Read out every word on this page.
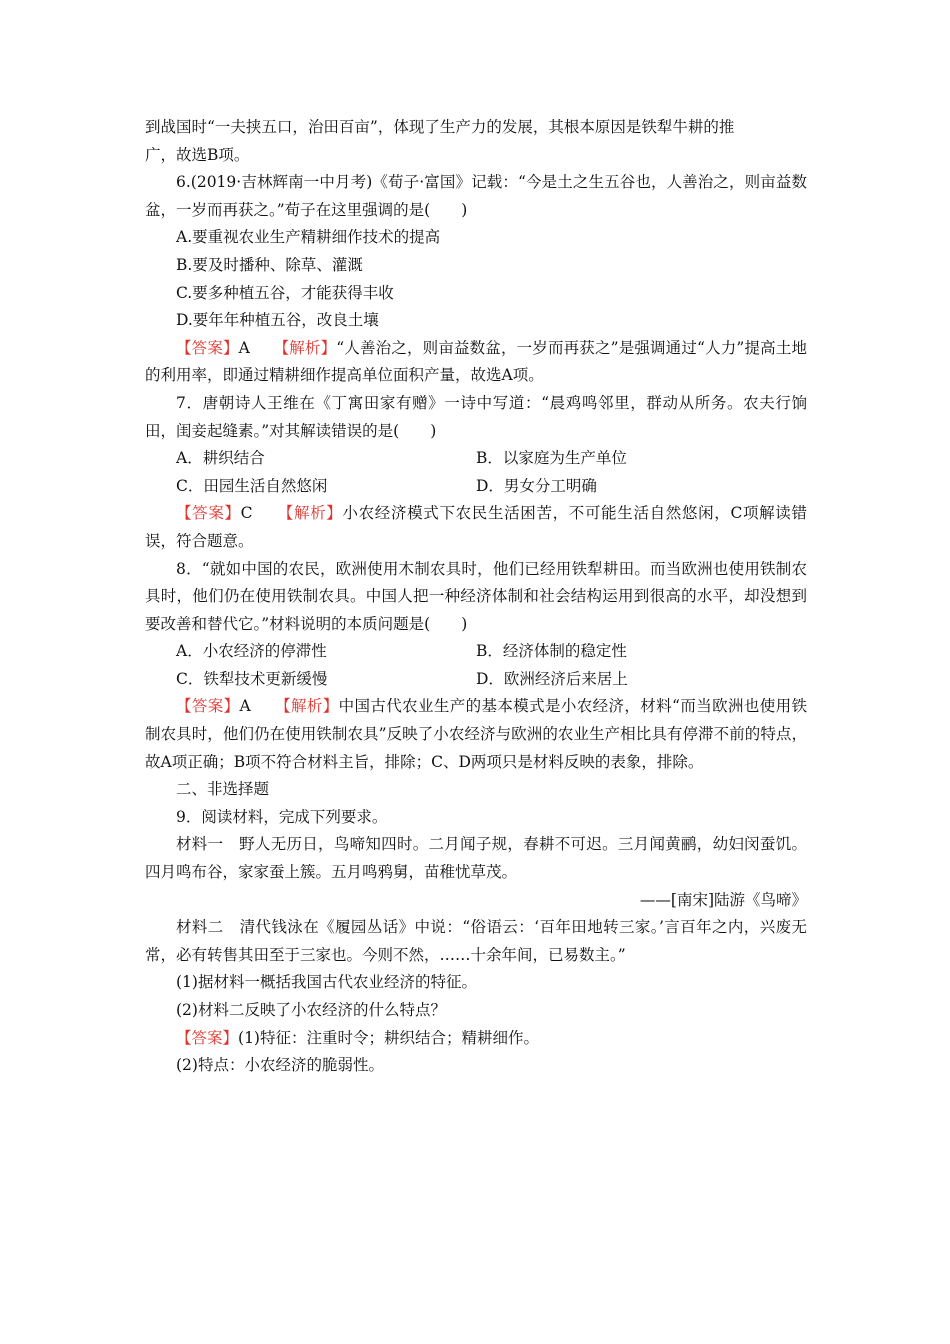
到战国时“一夫挟五口，治田百亩”，体现了生产力的发展，其根本原因是铁犁牛耕的推

广，故选B项。

6.(2019·吉林辉南一中月考)《荀子·富国》记载：“今是土之生五谷也，人善治之，则亩益数盆，一岁而再获之。”荀子在这里强调的是(　　)

A.要重视农业生产精耕细作技术的提高

B.要及时播种、除草、灌溉

C.要多种植五谷，才能获得丰收

D.要年年种植五谷，改良土壤

【答案】A　　【解析】“人善治之，则亩益数盆，一岁而再获之”是强调通过“人力”提高土地的利用率，即通过精耕细作提高单位面积产量，故选A项。

7．唐朝诗人王维在《丁寓田家有赠》一诗中写道：“晨鸡鸣邻里，群动从所务。农夫行饷田，闺妾起缝素。”对其解读错误的是(　　)

A．耕织结合	B．以家庭为生产单位
C．田园生活自然悠闲	D．男女分工明确

【答案】C　　【解析】小农经济模式下农民生活困苦，不可能生活自然悠闲，C项解读错误，符合题意。

8．“就如中国的农民，欧洲使用木制农具时，他们已经用铁犁耕田。而当欧洲也使用铁制农具时，他们仍在使用铁制农具。中国人把一种经济体制和社会结构运用到很高的水平，却没想到要改善和替代它。”材料说明的本质问题是(　　)

A．小农经济的停滞性	B．经济体制的稳定性
C．铁犁技术更新缓慢	D．欧洲经济后来居上

【答案】A　　【解析】中国古代农业生产的基本模式是小农经济，材料“而当欧洲也使用铁制农具时，他们仍在使用铁制农具”反映了小农经济与欧洲的农业生产相比具有停滞不前的特点，故A项正确；B项不符合材料主旨，排除；C、D两项只是材料反映的表象，排除。

二、非选择题

9．阅读材料，完成下列要求。

材料一　野人无历日，鸟啼知四时。二月闻子规，春耕不可迟。三月闻黄鹂，幼妇闵蚕饥。四月鸣布谷，家家蚕上簇。五月鸣鸦舅，苗稚忧草茂。

——[南宋]陆游《鸟啼》

材料二　清代钱泳在《履园丛话》中说：“俗语云：‘百年田地转三家。’言百年之内，兴废无常，必有转售其田至于三家也。今则不然，……十余年间，已易数主。”

(1)据材料一概括我国古代农业经济的特征。

(2)材料二反映了小农经济的什么特点？

【答案】(1)特征：注重时令；耕织结合；精耕细作。

(2)特点：小农经济的脆弱性。
